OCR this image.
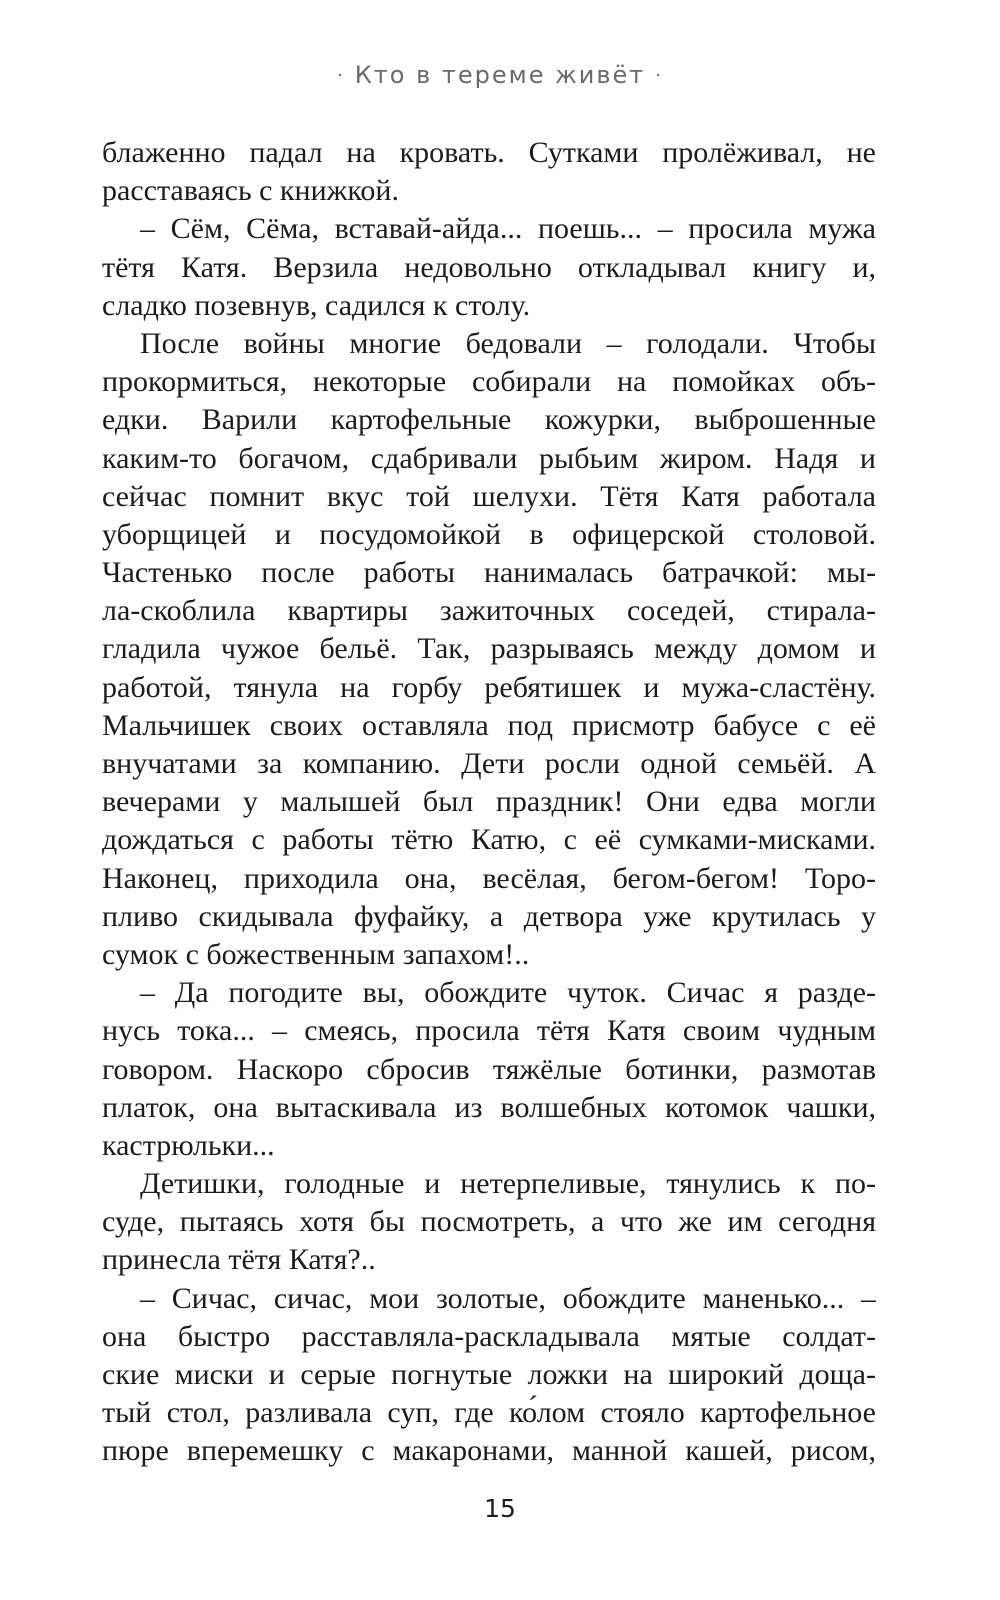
· Кто в тереме живёт ·
блаженно падал на кровать. Сутками пролёживал, не
расставаясь с книжкой.
– Сём, Сёма, вставай-айда... поешь... – просила мужа
тётя Катя. Верзила недовольно откладывал книгу и,
сладко позевнув, садился к столу.
После войны многие бедовали – голодали. Чтобы
прокормиться, некоторые собирали на помойках объ-
едки. Варили картофельные кожурки, выброшенные
каким-то богачом, сдабривали рыбьим жиром. Надя и
сейчас помнит вкус той шелухи. Тётя Катя работала
уборщицей и посудомойкой в офицерской столовой.
Частенько после работы нанималась батрачкой: мы-
ла-скоблила квартиры зажиточных соседей, стирала-
гладила чужое бельё. Так, разрываясь между домом и
работой, тянула на горбу ребятишек и мужа-сластёну.
Мальчишек своих оставляла под присмотр бабусе с её
внучатами за компанию. Дети росли одной семьёй. А
вечерами у малышей был праздник! Они едва могли
дождаться с работы тётю Катю, с её сумками-мисками.
Наконец, приходила она, весёлая, бегом-бегом! Торо-
пливо скидывала фуфайку, а детвора уже крутилась у
сумок с божественным запахом!..
– Да погодите вы, обождите чуток. Сичас я разде-
нусь тока... – смеясь, просила тётя Катя своим чудным
говором. Наскоро сбросив тяжёлые ботинки, размотав
платок, она вытаскивала из волшебных котомок чашки,
кастрюльки...
Детишки, голодные и нетерпеливые, тянулись к по-
суде, пытаясь хотя бы посмотреть, а что же им сегодня
принесла тётя Катя?..
– Сичас, сичас, мои золотые, обождите маненько... –
она быстро расставляла-раскладывала мятые солдат-
ские миски и серые погнутые ложки на широкий доща-
тый стол, разливала суп, где ко́лом стояло картофельное
пюре вперемешку с макаронами, манной кашей, рисом,
15
